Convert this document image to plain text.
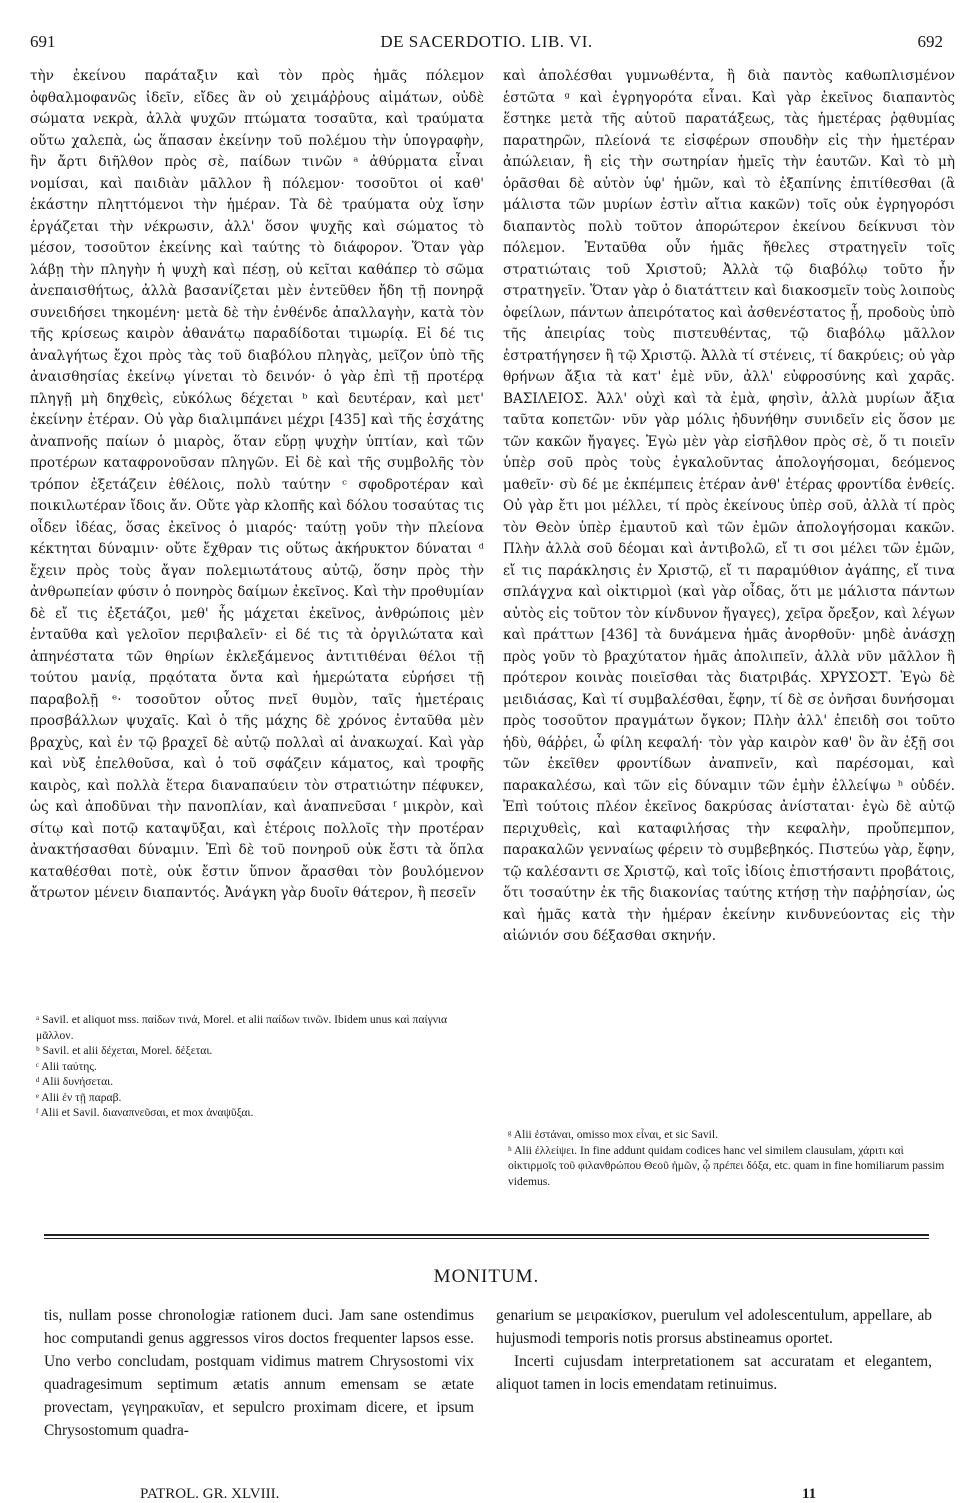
691	DE SACERDOTIO. LIB. VI.	692

τὴν ἐκείνου παράταξιν καὶ τὸν πρὸς ἡμᾶς πόλεμον ὀφθαλμοφανῶς ἰδεῖν, εἴδες ἂν οὐ χειμάῤῥους αἱμάτων, οὐδὲ σώματα νεκρὰ, ἀλλὰ ψυχῶν πτώματα τοσαῦτα, καὶ τραύματα οὕτω χαλεπὰ, ὡς ἅπασαν ἐκείνην τοῦ πολέμου τὴν ὑπογραφὴν, ἣν ἄρτι διῆλθον πρὸς σὲ, παίδων τινῶν ᵃ ἀθύρματα εἶναι νομίσαι, καὶ παιδιὰν μᾶλλον ἢ πόλεμον· τοσοῦτοι οἱ καθ' ἑκάστην πληττόμενοι τὴν ἡμέραν. Τὰ δὲ τραύματα οὐχ ἴσην ἐργάζεται τὴν νέκρωσιν, ἀλλ' ὅσον ψυχῆς καὶ σώματος τὸ μέσον, τοσοῦτον ἐκείνης καὶ ταύτης τὸ διάφορον. Ὅταν γὰρ λάβῃ τὴν πληγὴν ἡ ψυχὴ καὶ πέσῃ, οὐ κεῖται καθάπερ τὸ σῶμα ἀνεπαισθήτως, ἀλλὰ βασανίζεται μὲν ἐντεῦθεν ἤδη τῇ πονηρᾷ συνειδήσει τηκομένη· μετὰ δὲ τὴν ἐνθένδε ἀπαλλαγὴν, κατὰ τὸν τῆς κρίσεως καιρὸν ἀθανάτῳ παραδίδοται τιμωρίᾳ. Εἰ δέ τις ἀναλγήτως ἔχοι πρὸς τὰς τοῦ διαβόλου πληγὰς, μεῖζον ὑπὸ τῆς ἀναισθησίας ἐκείνῳ γίνεται τὸ δεινόν· ὁ γὰρ ἐπὶ τῇ προτέρᾳ πληγῇ μὴ δηχθεὶς, εὐκόλως δέχεται ᵇ καὶ δευτέραν, καὶ μετ' ἐκείνην ἑτέραν. Οὐ γὰρ διαλιμπάνει μέχρι [435] καὶ τῆς ἐσχάτης ἀναπνοῆς παίων ὁ μιαρὸς, ὅταν εὕρῃ ψυχὴν ὑπτίαν, καὶ τῶν προτέρων καταφρονοῦσαν πληγῶν. Εἰ δὲ καὶ τῆς συμβολῆς τὸν τρόπον ἐξετάζειν ἐθέλοις, πολὺ ταύτην ᶜ σφοδροτέραν καὶ ποικιλωτέραν ἴδοις ἄν. Οὔτε γὰρ κλοπῆς καὶ δόλου τοσαύτας τις οἶδεν ἰδέας, ὅσας ἐκεῖνος ὁ μιαρός· ταύτῃ γοῦν τὴν πλείονα κέκτηται δύναμιν· οὔτε ἔχθραν τις οὕτως ἀκήρυκτον δύναται ᵈ ἔχειν πρὸς τοὺς ἄγαν πολεμιωτάτους αὐτῷ, ὅσην πρὸς τὴν ἀνθρωπείαν φύσιν ὁ πονηρὸς δαίμων ἐκεῖνος. Καὶ τὴν προθυμίαν δὲ εἴ τις ἐξετάζοι, μεθ' ἧς μάχεται ἐκεῖνος, ἀνθρώποις μὲν ἐνταῦθα καὶ γελοῖον περιβαλεῖν· εἰ δέ τις τὰ ὀργιλώτατα καὶ ἀπηνέστατα τῶν θηρίων ἐκλεξάμενος ἀντιτιθέναι θέλοι τῇ τούτου μανίᾳ, πρᾳότατα ὄντα καὶ ἡμερώτατα εὑρήσει τῇ παραβολῇ ᵉ· τοσοῦτον οὗτος πνεῖ θυμὸν, ταῖς ἡμετέραις προσβάλλων ψυχαῖς. Καὶ ὁ τῆς μάχης δὲ χρόνος ἐνταῦθα μὲν βραχὺς, καὶ ἐν τῷ βραχεῖ δὲ αὐτῷ πολλαὶ αἱ ἀνακωχαί. Καὶ γὰρ καὶ νὺξ ἐπελθοῦσα, καὶ ὁ τοῦ σφάζειν κάματος, καὶ τροφῆς καιρὸς, καὶ πολλὰ ἕτερα διαναπαύειν τὸν στρατιώτην πέφυκεν, ὡς καὶ ἀποδῦναι τὴν πανοπλίαν, καὶ ἀναπνεῦσαι ᶠ μικρὸν, καὶ σίτῳ καὶ ποτῷ καταψῦξαι, καὶ ἑτέροις πολλοῖς τὴν προτέραν ἀνακτήσασθαι δύναμιν. Ἐπὶ δὲ τοῦ πονηροῦ οὐκ ἔστι τὰ ὅπλα καταθέσθαι ποτὲ, οὐκ ἔστιν ὕπνον ἄρασθαι τὸν βουλόμενον ἄτρωτον μένειν διαπαντός. Ἀνάγκη γὰρ δυοῖν θάτερον, ἢ πεσεῖν

καὶ ἀπολέσθαι γυμνωθέντα, ἢ διὰ παντὸς καθωπλισμένον ἑστῶτα ᵍ καὶ ἐγρηγορότα εἶναι. Καὶ γὰρ ἐκεῖνος διαπαντὸς ἕστηκε μετὰ τῆς αὑτοῦ παρατάξεως, τὰς ἡμετέρας ῥᾳθυμίας παρατηρῶν, πλείονά τε εἰσφέρων σπουδὴν εἰς τὴν ἡμετέραν ἀπώλειαν, ἢ εἰς τὴν σωτηρίαν ἡμεῖς τὴν ἑαυτῶν. Καὶ τὸ μὴ ὁρᾶσθαι δὲ αὐτὸν ὑφ' ἡμῶν, καὶ τὸ ἐξαπίνης ἐπιτίθεσθαι (ἃ μάλιστα τῶν μυρίων ἐστὶν αἴτια κακῶν) τοῖς οὐκ ἐγρηγορόσι διαπαντὸς πολὺ τοῦτον ἀπορώτερον ἐκείνου δείκνυσι τὸν πόλεμον. Ἐνταῦθα οὖν ἡμᾶς ἤθελες στρατηγεῖν τοῖς στρατιώταις τοῦ Χριστοῦ; Ἀλλὰ τῷ διαβόλῳ τοῦτο ἦν στρατηγεῖν. Ὅταν γὰρ ὁ διατάττειν καὶ διακοσμεῖν τοὺς λοιποὺς ὀφείλων, πάντων ἀπειρότατος καὶ ἀσθενέστατος ᾖ, προδοὺς ὑπὸ τῆς ἀπειρίας τοὺς πιστευθέντας, τῷ διαβόλῳ μᾶλλον ἐστρατήγησεν ἢ τῷ Χριστῷ. Ἀλλὰ τί στένεις, τί δακρύεις; οὐ γὰρ θρήνων ἄξια τὰ κατ' ἐμὲ νῦν, ἀλλ' εὐφροσύνης καὶ χαρᾶς. ΒΑΣΙΛΕΙΟΣ. Ἀλλ' οὐχὶ καὶ τὰ ἐμὰ, φησὶν, ἀλλὰ μυρίων ἄξια ταῦτα κοπετῶν· νῦν γὰρ μόλις ἠδυνήθην συνιδεῖν εἰς ὅσον με τῶν κακῶν ἤγαγες. Ἐγὼ μὲν γὰρ εἰσῆλθον πρὸς σὲ, ὅ τι ποιεῖν ὑπὲρ σοῦ πρὸς τοὺς ἐγκαλοῦντας ἀπολογήσομαι, δεόμενος μαθεῖν· σὺ δέ με ἐκπέμπεις ἑτέραν ἀνθ' ἑτέρας φροντίδα ἐνθείς. Οὐ γὰρ ἔτι μοι μέλλει, τί πρὸς ἐκείνους ὑπὲρ σοῦ, ἀλλὰ τί πρὸς τὸν Θεὸν ὑπὲρ ἐμαυτοῦ καὶ τῶν ἐμῶν ἀπολογήσομαι κακῶν. Πλὴν ἀλλὰ σοῦ δέομαι καὶ ἀντιβολῶ, εἴ τι σοι μέλει τῶν ἐμῶν, εἴ τις παράκλησις ἐν Χριστῷ, εἴ τι παραμύθιον ἀγάπης, εἴ τινα σπλάγχνα καὶ οἰκτιρμοὶ (καὶ γὰρ οἶδας, ὅτι με μάλιστα πάντων αὐτὸς εἰς τοῦτον τὸν κίνδυνον ἤγαγες), χεῖρα ὄρεξον, καὶ λέγων καὶ πράττων [436] τὰ δυνάμενα ἡμᾶς ἀνορθοῦν· μηδὲ ἀνάσχῃ πρὸς γοῦν τὸ βραχύτατον ἡμᾶς ἀπολιπεῖν, ἀλλὰ νῦν μᾶλλον ἢ πρότερον κοινὰς ποιεῖσθαι τὰς διατριβάς. ΧΡΥΣΟΣΤ. Ἐγὼ δὲ μειδιάσας, Καὶ τί συμβαλέσθαι, ἔφην, τί δὲ σε ὀνῆσαι δυνήσομαι πρὸς τοσοῦτον πραγμάτων ὄγκον; Πλὴν ἀλλ' ἐπειδὴ σοι τοῦτο ἡδὺ, θάῤῥει, ὦ φίλη κεφαλή· τὸν γὰρ καιρὸν καθ' ὃν ἂν ἐξῇ σοι τῶν ἐκεῖθεν φροντίδων ἀναπνεῖν, καὶ παρέσομαι, καὶ παρακαλέσω, καὶ τῶν εἰς δύναμιν τῶν ἐμὴν ἐλλείψω ʰ οὐδέν. Ἐπὶ τούτοις πλέον ἐκεῖνος δακρύσας ἀνίσταται· ἐγὼ δὲ αὐτῷ περιχυθεὶς, καὶ καταφιλήσας τὴν κεφαλὴν, προὔπεμπον, παρακαλῶν γενναίως φέρειν τὸ συμβεβηκός. Πιστεύω γὰρ, ἔφην, τῷ καλέσαντι σε Χριστῷ, καὶ τοῖς ἰδίοις ἐπιστήσαντι προβάτοις, ὅτι τοσαύτην ἐκ τῆς διακονίας ταύτης κτήσῃ τὴν παῤῥησίαν, ὡς καὶ ἡμᾶς κατὰ τὴν ἡμέραν ἐκείνην κινδυνεύοντας εἰς τὴν αἰώνιόν σου δέξασθαι σκηνήν.

ᵃ Savil. et aliquot mss. παίδων τινά, Morel. et alii παίδων τινῶν. Ibidem unus καὶ παίγνια μᾶλλον.
ᵇ Savil. et alii δέχεται, Morel. δέξεται.
ᶜ Alii ταύτης.
ᵈ Alii δυνήσεται.
ᵉ Alii ἐν τῇ παραβ.
ᶠ Alii et Savil. διαναπνεῦσαι, et mox ἀναψῦξαι.
ᵍ Alii ἑστάναι, omisso mox εἶναι, et sic Savil.
ʰ Alii ἐλλείψει. In fine addunt quidam codices hanc vel similem clausulam, χάριτι καὶ οἰκτιρμοῖς τοῦ φιλανθρώπου Θεοῦ ἡμῶν, ᾧ πρέπει δόξα, etc. quam in fine homiliarum passim videmus.
MONITUM.

tis, nullam posse chronologiæ rationem duci. Jam sane ostendimus hoc computandi genus aggressos viros doctos frequenter lapsos esse. Uno verbo concludam, postquam vidimus matrem Chrysostomi vix quadragesimum septimum ætatis annum emensam se ætate provectam, γεγηρακυῖαν, et sepulcro proximam dicere, et ipsum Chrysostomum quadra-

genarium se μειρακίσκον, puerulum vel adolescentulum, appellare, ab hujusmodi temporis notis prorsus abstineamus oportet.

Incerti cujusdam interpretationem sat accuratam et elegantem, aliquot tamen in locis emendatam retinuimus.

PATROL. GR. XLVIII.	11
